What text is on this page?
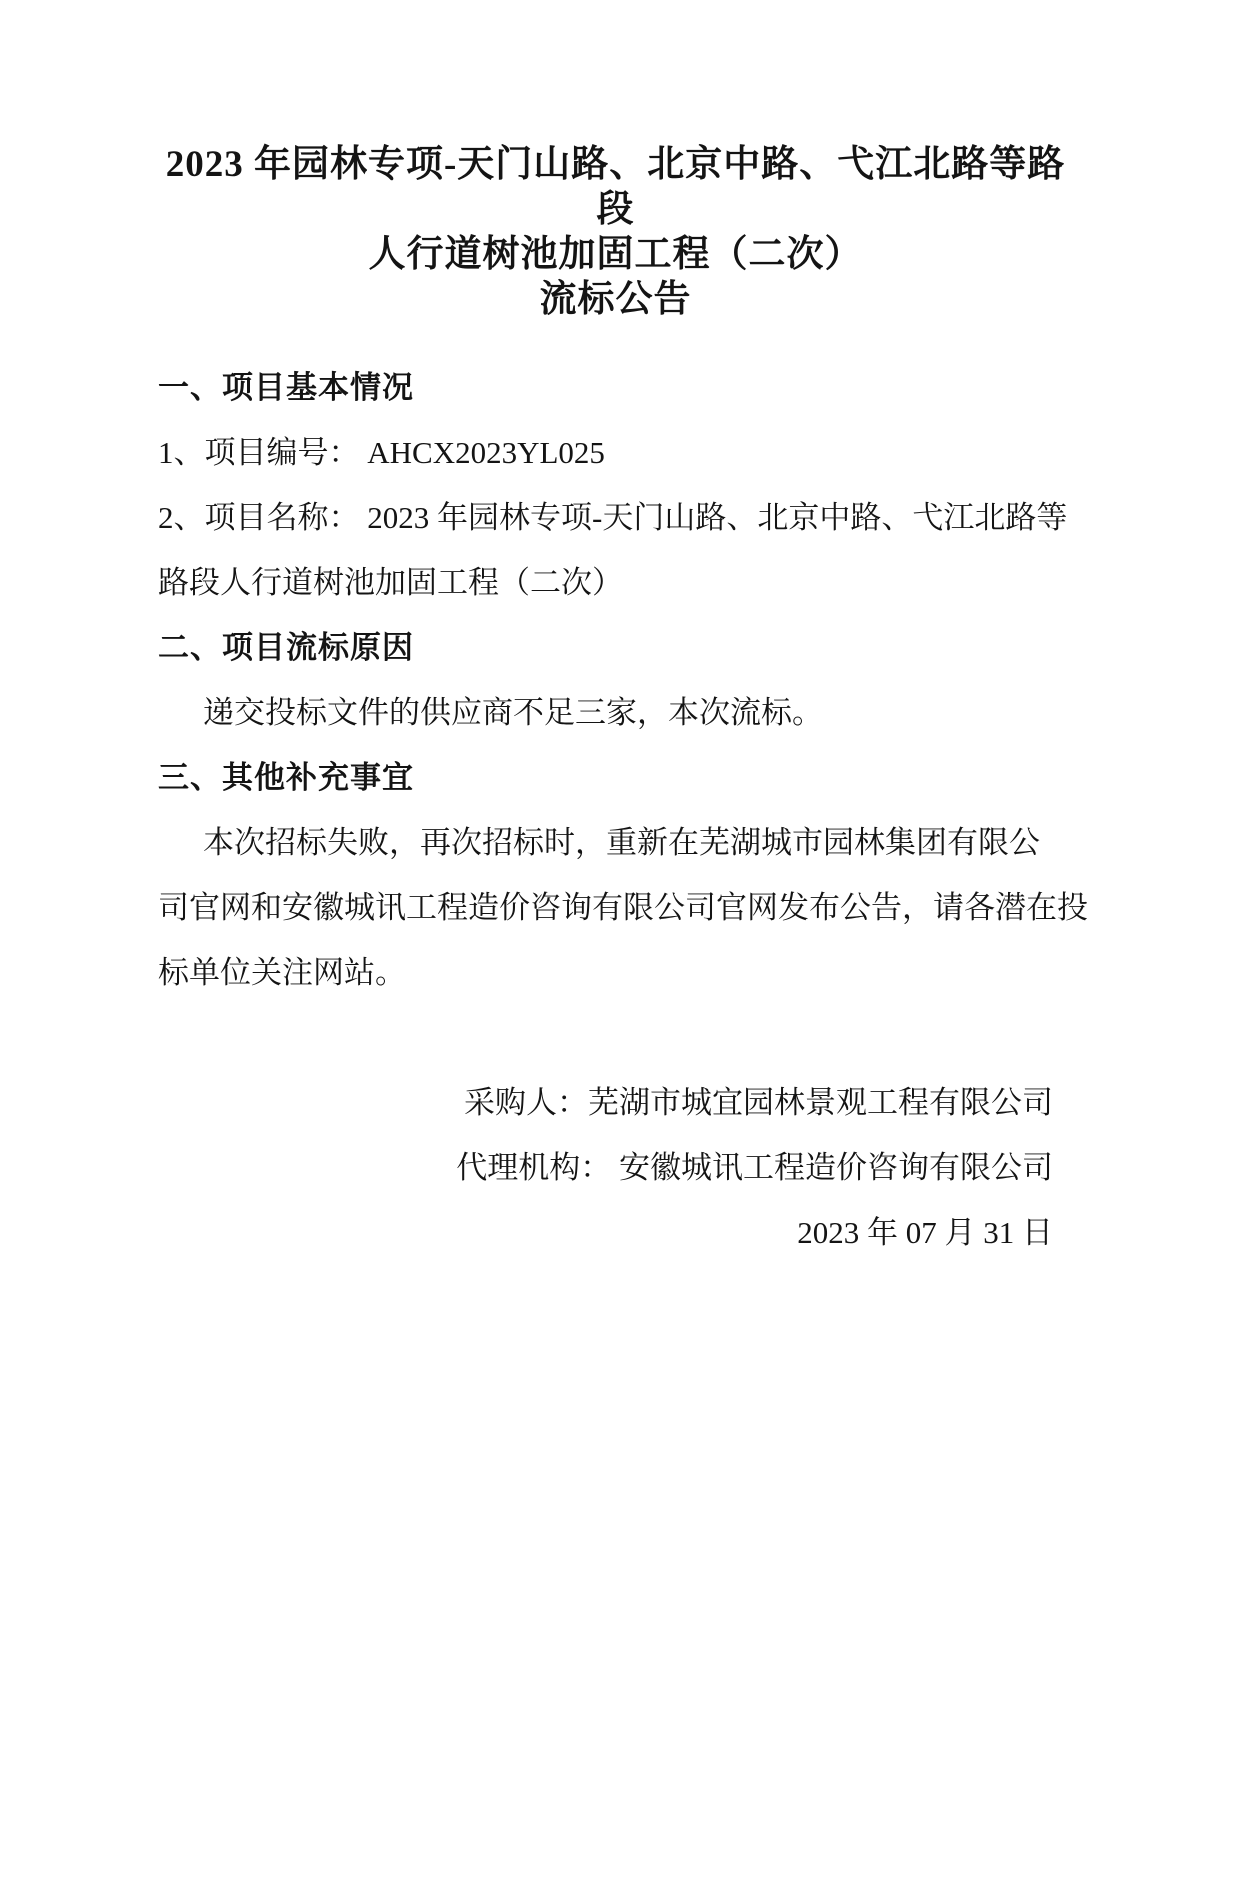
2023 年园林专项-天门山路、北京中路、弋江北路等路段
人行道树池加固工程（二次）
流标公告

一、项目基本情况

1、项目编号： AHCX2023YL025

2、项目名称： 2023 年园林专项-天门山路、北京中路、弋江北路等

路段人行道树池加固工程（二次）

二、项目流标原因

递交投标文件的供应商不足三家，本次流标。

三、其他补充事宜

本次招标失败，再次招标时，重新在芜湖城市园林集团有限公

司官网和安徽城讯工程造价咨询有限公司官网发布公告，请各潜在投

标单位关注网站。

采购人：芜湖市城宜园林景观工程有限公司

代理机构： 安徽城讯工程造价咨询有限公司

2023 年 07 月 31 日
